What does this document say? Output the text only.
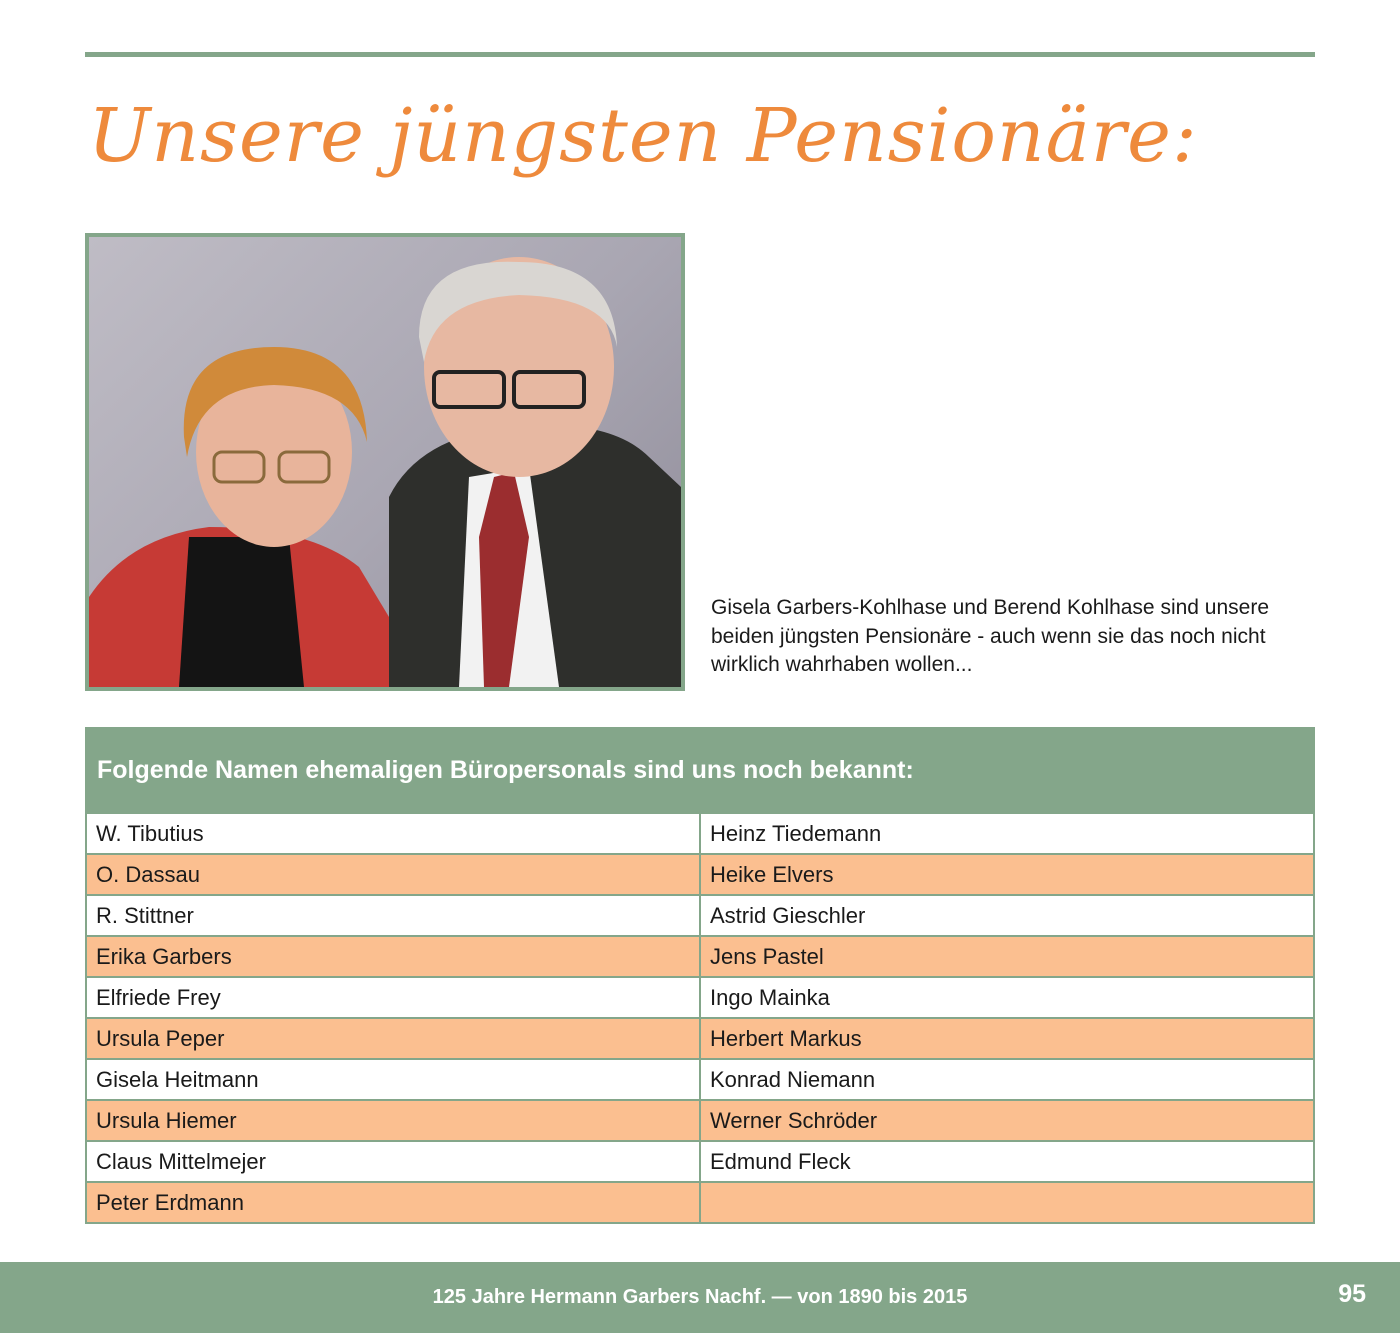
Unsere jüngsten Pensionäre:

Gisela Garbers-Kohlhase und Berend Kohlhase sind unsere beiden jüngsten Pensionäre - auch wenn sie das noch nicht wirklich wahrhaben wollen...

Folgende Namen ehemaligen Büropersonals sind uns noch bekannt:	
W. Tibutius	Heinz Tiedemann
O. Dassau	Heike Elvers
R. Stittner	Astrid Gieschler
Erika Garbers	Jens Pastel
Elfriede Frey	Ingo Mainka
Ursula Peper	Herbert Markus
Gisela Heitmann	Konrad Niemann
Ursula Hiemer	Werner Schröder
Claus Mittelmejer	Edmund Fleck
Peter Erdmann	
125 Jahre Hermann Garbers Nachf. — von 1890 bis 2015	95
